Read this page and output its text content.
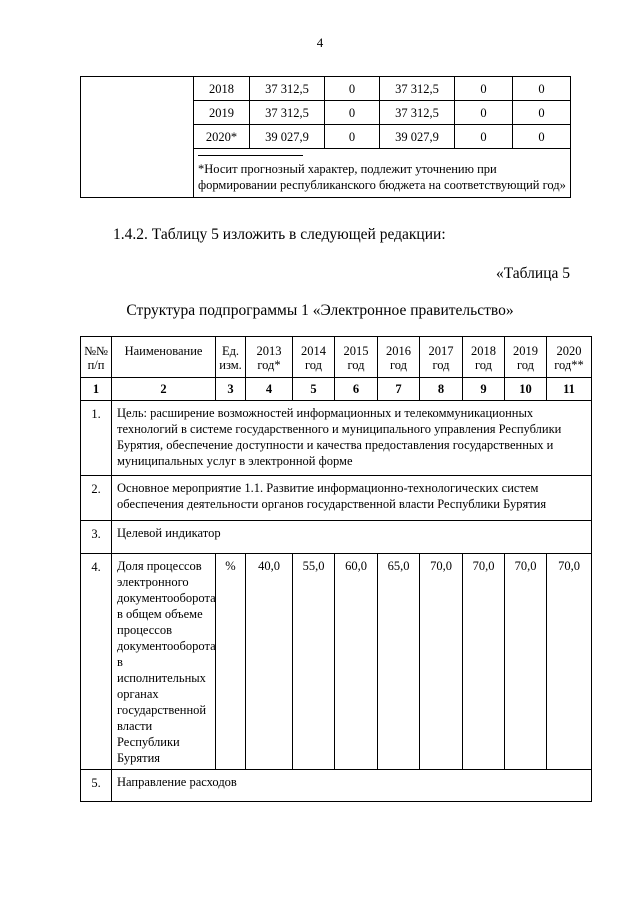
4
	2018	37 312,5	0	37 312,5	0	0
	2019	37 312,5	0	37 312,5	0	0
	2020*	39 027,9	0	39 027,9	0	0

	*Носит прогнозный характер, подлежит уточнению при формировании республиканского бюджета на соответствующий год»					
1.4.2. Таблицу 5 изложить в следующей редакции:
«Таблица 5
Структура подпрограммы 1 «Электронное правительство»
№№ п/п	Наименование	Ед. изм.	2013 год*	2014 год	2015 год	2016 год	2017 год	2018 год	2019 год	2020 год**
1	2	3	4	5	6	7	8	9	10	11
1.	Цель: расширение возможностей информационных и телекоммуникационных технологий в системе государственного и муниципального управления Республики Бурятия, обеспечение доступности и качества предоставления государственных и муниципальных услуг в электронной форме									
2.	Основное мероприятие 1.1. Развитие информационно-технологических систем обеспечения деятельности органов государственной власти Республики Бурятия									
3.	Целевой индикатор									
4.	Доля процессов электронного документооборота в общем объеме процессов документооборота в исполнительных органах государственной власти Республики Бурятия	%	40,0	55,0	60,0	65,0	70,0	70,0	70,0	70,0
5.	Направление расходов									
